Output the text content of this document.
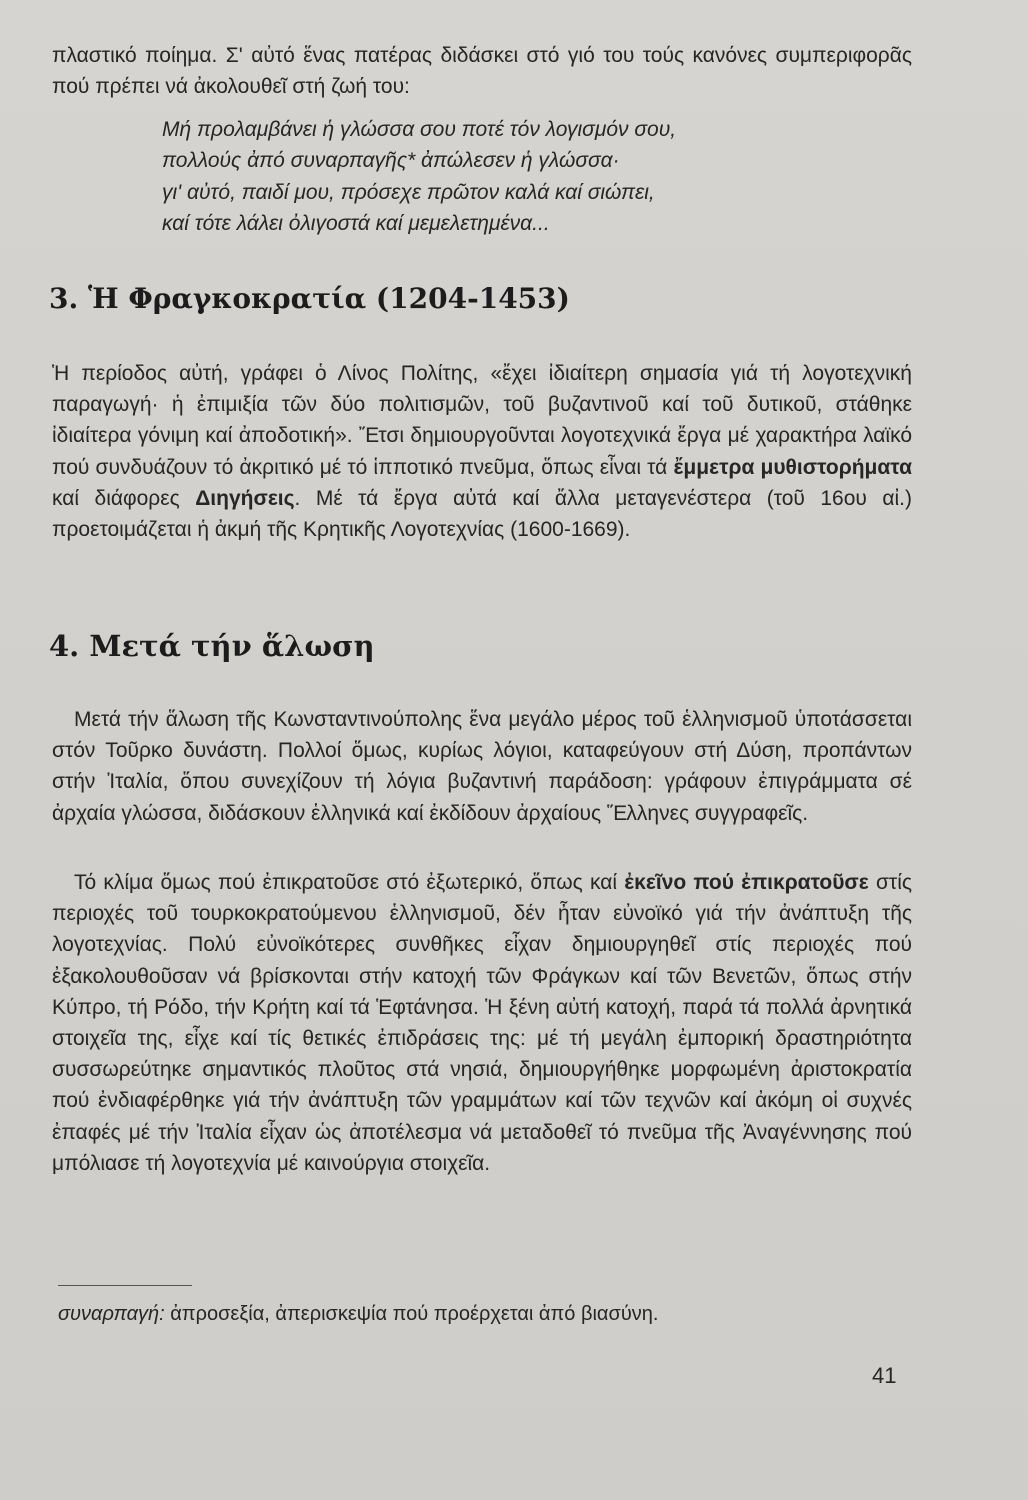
πλαστικό ποίημα. Σ' αὐτό ἕνας πατέρας διδάσκει στό γιό του τούς κανόνες συμπεριφορᾶς πού πρέπει νά ἀκολουθεῖ στή ζωή του:
Μή προλαμβάνει ἡ γλώσσα σου ποτέ τόν λογισμόν σου,
πολλούς ἀπό συναρπαγῆς* ἀπώλεσεν ἡ γλώσσα·
γι' αὐτό, παιδί μου, πρόσεχε πρῶτον καλά καί σιώπει,
καί τότε λάλει ὀλιγοστά καί μεμελετημένα...
3. Ἡ Φραγκοκρατία (1204-1453)
Ἡ περίοδος αὐτή, γράφει ὁ Λίνος Πολίτης, «ἔχει ἰδιαίτερη σημασία γιά τή λογοτεχνική παραγωγή· ἡ ἐπιμιξία τῶν δύο πολιτισμῶν, τοῦ βυζαντινοῦ καί τοῦ δυτικοῦ, στάθηκε ἰδιαίτερα γόνιμη καί ἀποδοτική». Ἔτσι δημιουργοῦνται λογοτεχνικά ἔργα μέ χαρακτήρα λαϊκό πού συνδυάζουν τό ἀκριτικό μέ τό ἱπποτικό πνεῦμα, ὅπως εἶναι τά ἔμμετρα μυθιστορήματα καί διάφορες Διηγήσεις. Μέ τά ἔργα αὐτά καί ἄλλα μεταγενέστερα (τοῦ 16ου αἰ.) προετοιμάζεται ἡ ἀκμή τῆς Κρητικῆς Λογοτεχνίας (1600-1669).
4. Μετά τήν ἅλωση
Μετά τήν ἅλωση τῆς Κωνσταντινούπολης ἕνα μεγάλο μέρος τοῦ ἑλληνισμοῦ ὑποτάσσεται στόν Τοῦρκο δυνάστη. Πολλοί ὅμως, κυρίως λόγιοι, καταφεύγουν στή Δύση, προπάντων στήν Ἰταλία, ὅπου συνεχίζουν τή λόγια βυζαντινή παράδοση: γράφουν ἐπιγράμματα σέ ἀρχαία γλώσσα, διδάσκουν ἑλληνικά καί ἐκδίδουν ἀρχαίους Ἕλληνες συγγραφεῖς.
Τό κλίμα ὅμως πού ἐπικρατοῦσε στό ἐξωτερικό, ὅπως καί ἐκεῖνο πού ἐπικρατοῦσε στίς περιοχές τοῦ τουρκοκρατούμενου ἑλληνισμοῦ, δέν ἦταν εὐνοϊκό γιά τήν ἀνάπτυξη τῆς λογοτεχνίας. Πολύ εὐνοϊκότερες συνθῆκες εἶχαν δημιουργηθεῖ στίς περιοχές πού ἐξακολουθοῦσαν νά βρίσκονται στήν κατοχή τῶν Φράγκων καί τῶν Βενετῶν, ὅπως στήν Κύπρο, τή Ρόδο, τήν Κρήτη καί τά Ἑφτάνησα. Ἡ ξένη αὐτή κατοχή, παρά τά πολλά ἀρνητικά στοιχεῖα της, εἶχε καί τίς θετικές ἐπιδράσεις της: μέ τή μεγάλη ἐμπορική δραστηριότητα συσσωρεύτηκε σημαντικός πλοῦτος στά νησιά, δημιουργήθηκε μορφωμένη ἀριστοκρατία πού ἐνδιαφέρθηκε γιά τήν ἀνάπτυξη τῶν γραμμάτων καί τῶν τεχνῶν καί ἀκόμη οἱ συχνές ἐπαφές μέ τήν Ἰταλία εἶχαν ὡς ἀποτέλεσμα νά μεταδοθεῖ τό πνεῦμα τῆς Ἀναγέννησης πού μπόλιασε τή λογοτεχνία μέ καινούργια στοιχεῖα.
συναρπαγή: ἀπροσεξία, ἀπερισκεψία πού προέρχεται ἀπό βιασύνη.
41
